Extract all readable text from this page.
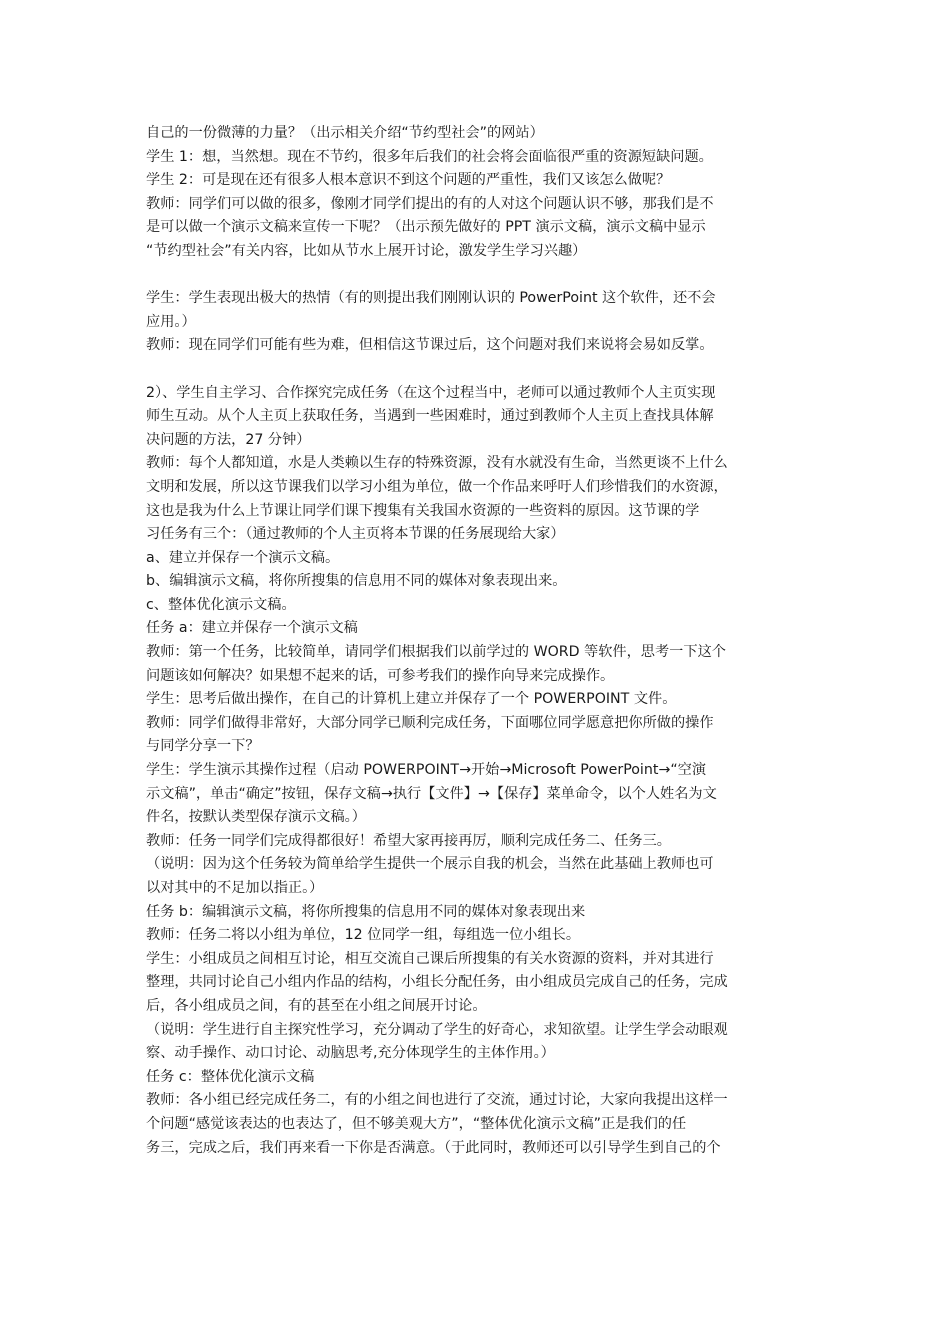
自己的一份微薄的力量？（出示相关介绍“节约型社会”的网站）

学生 1：想，当然想。现在不节约，很多年后我们的社会将会面临很严重的资源短缺问题。

学生 2：可是现在还有很多人根本意识不到这个问题的严重性，我们又该怎么做呢？

教师：同学们可以做的很多，像刚才同学们提出的有的人对这个问题认识不够，那我们是不
是可以做一个演示文稿来宣传一下呢？（出示预先做好的 PPT 演示文稿，演示文稿中显示
“节约型社会”有关内容，比如从节水上展开讨论，激发学生学习兴趣）

学生：学生表现出极大的热情（有的则提出我们刚刚认识的 PowerPoint 这个软件，还不会
应用。）

教师：现在同学们可能有些为难，但相信这节课过后，这个问题对我们来说将会易如反掌。

2）、学生自主学习、合作探究完成任务（在这个过程当中，老师可以通过教师个人主页实现
师生互动。从个人主页上获取任务，当遇到一些困难时，通过到教师个人主页上查找具体解
决问题的方法，27 分钟）

教师：每个人都知道，水是人类赖以生存的特殊资源，没有水就没有生命，当然更谈不上什么
文明和发展，所以这节课我们以学习小组为单位，做一个作品来呼吁人们珍惜我们的水资源，
这也是我为什么上节课让同学们课下搜集有关我国水资源的一些资料的原因。这节课的学
习任务有三个：（通过教师的个人主页将本节课的任务展现给大家）

a、建立并保存一个演示文稿。

b、编辑演示文稿，将你所搜集的信息用不同的媒体对象表现出来。

c、整体优化演示文稿。

任务 a：建立并保存一个演示文稿

教师：第一个任务，比较简单，请同学们根据我们以前学过的 WORD 等软件，思考一下这个
问题该如何解决？如果想不起来的话，可参考我们的操作向导来完成操作。

学生：思考后做出操作，在自己的计算机上建立并保存了一个 POWERPOINT 文件。

教师：同学们做得非常好，大部分同学已顺利完成任务，下面哪位同学愿意把你所做的操作
与同学分享一下？

学生：学生演示其操作过程（启动 POWERPOINT→开始→Microsoft PowerPoint→“空演
示文稿”，单击“确定”按钮，保存文稿→执行【文件】→【保存】菜单命令，以个人姓名为文
件名，按默认类型保存演示文稿。）

教师：任务一同学们完成得都很好！希望大家再接再厉，顺利完成任务二、任务三。

（说明：因为这个任务较为简单给学生提供一个展示自我的机会，当然在此基础上教师也可
以对其中的不足加以指正。）

任务 b：编辑演示文稿，将你所搜集的信息用不同的媒体对象表现出来

教师：任务二将以小组为单位，12 位同学一组，每组选一位小组长。

学生：小组成员之间相互讨论，相互交流自己课后所搜集的有关水资源的资料，并对其进行
整理，共同讨论自己小组内作品的结构，小组长分配任务，由小组成员完成自己的任务，完成
后，各小组成员之间，有的甚至在小组之间展开讨论。

（说明：学生进行自主探究性学习，充分调动了学生的好奇心，求知欲望。让学生学会动眼观
察、动手操作、动口讨论、动脑思考,充分体现学生的主体作用。）

任务 c：整体优化演示文稿

教师：各小组已经完成任务二，有的小组之间也进行了交流，通过讨论，大家向我提出这样一
个问题“感觉该表达的也表达了，但不够美观大方”，“整体优化演示文稿”正是我们的任
务三，完成之后，我们再来看一下你是否满意。（于此同时，教师还可以引导学生到自己的个
